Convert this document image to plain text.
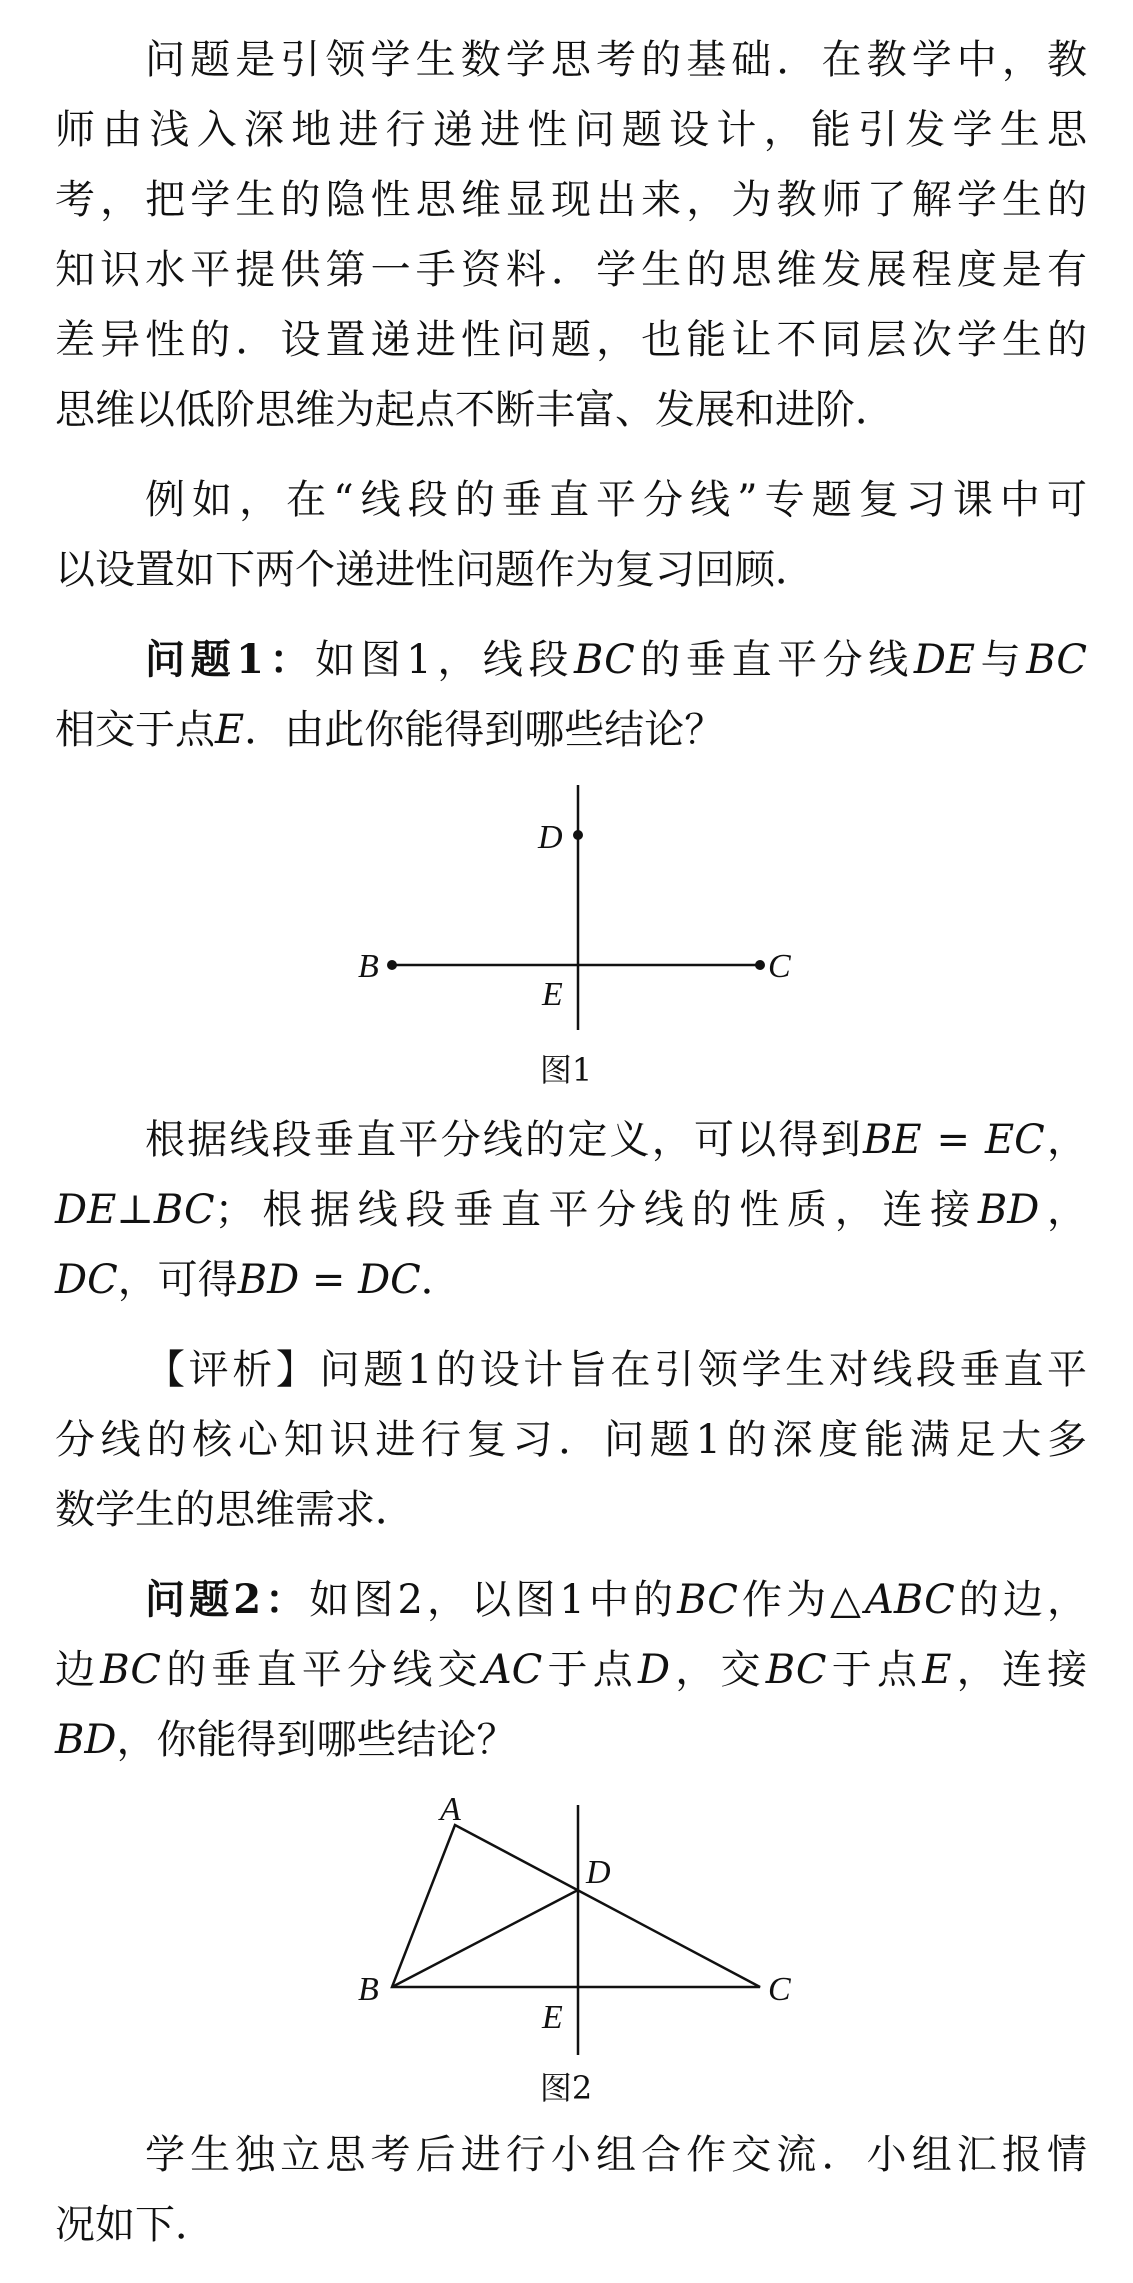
问题是引领学生数学思考的基础．在教学中，教
师由浅入深地进行递进性问题设计，能引发学生思
考，把学生的隐性思维显现出来，为教师了解学生的
知识水平提供第一手资料．学生的思维发展程度是有
差异性的．设置递进性问题，也能让不同层次学生的
思维以低阶思维为起点不断丰富、发展和进阶．
例如，在“线段的垂直平分线”专题复习课中可
以设置如下两个递进性问题作为复习回顾．
问题1：如图1，线段BC的垂直平分线DE与BC
相交于点E．由此你能得到哪些结论？
D
B
E
C
图1
根据线段垂直平分线的定义，可以得到BE = EC，
DE⊥BC；根据线段垂直平分线的性质，连接BD，
DC，可得BD = DC．
【评析】问题1的设计旨在引领学生对线段垂直平
分线的核心知识进行复习．问题1的深度能满足大多
数学生的思维需求．
问题2：如图2，以图1中的BC作为△ABC的边，
边BC的垂直平分线交AC于点D，交BC于点E，连接
BD，你能得到哪些结论？
A
D
B
E
C
图2
学生独立思考后进行小组合作交流．小组汇报情
况如下．
